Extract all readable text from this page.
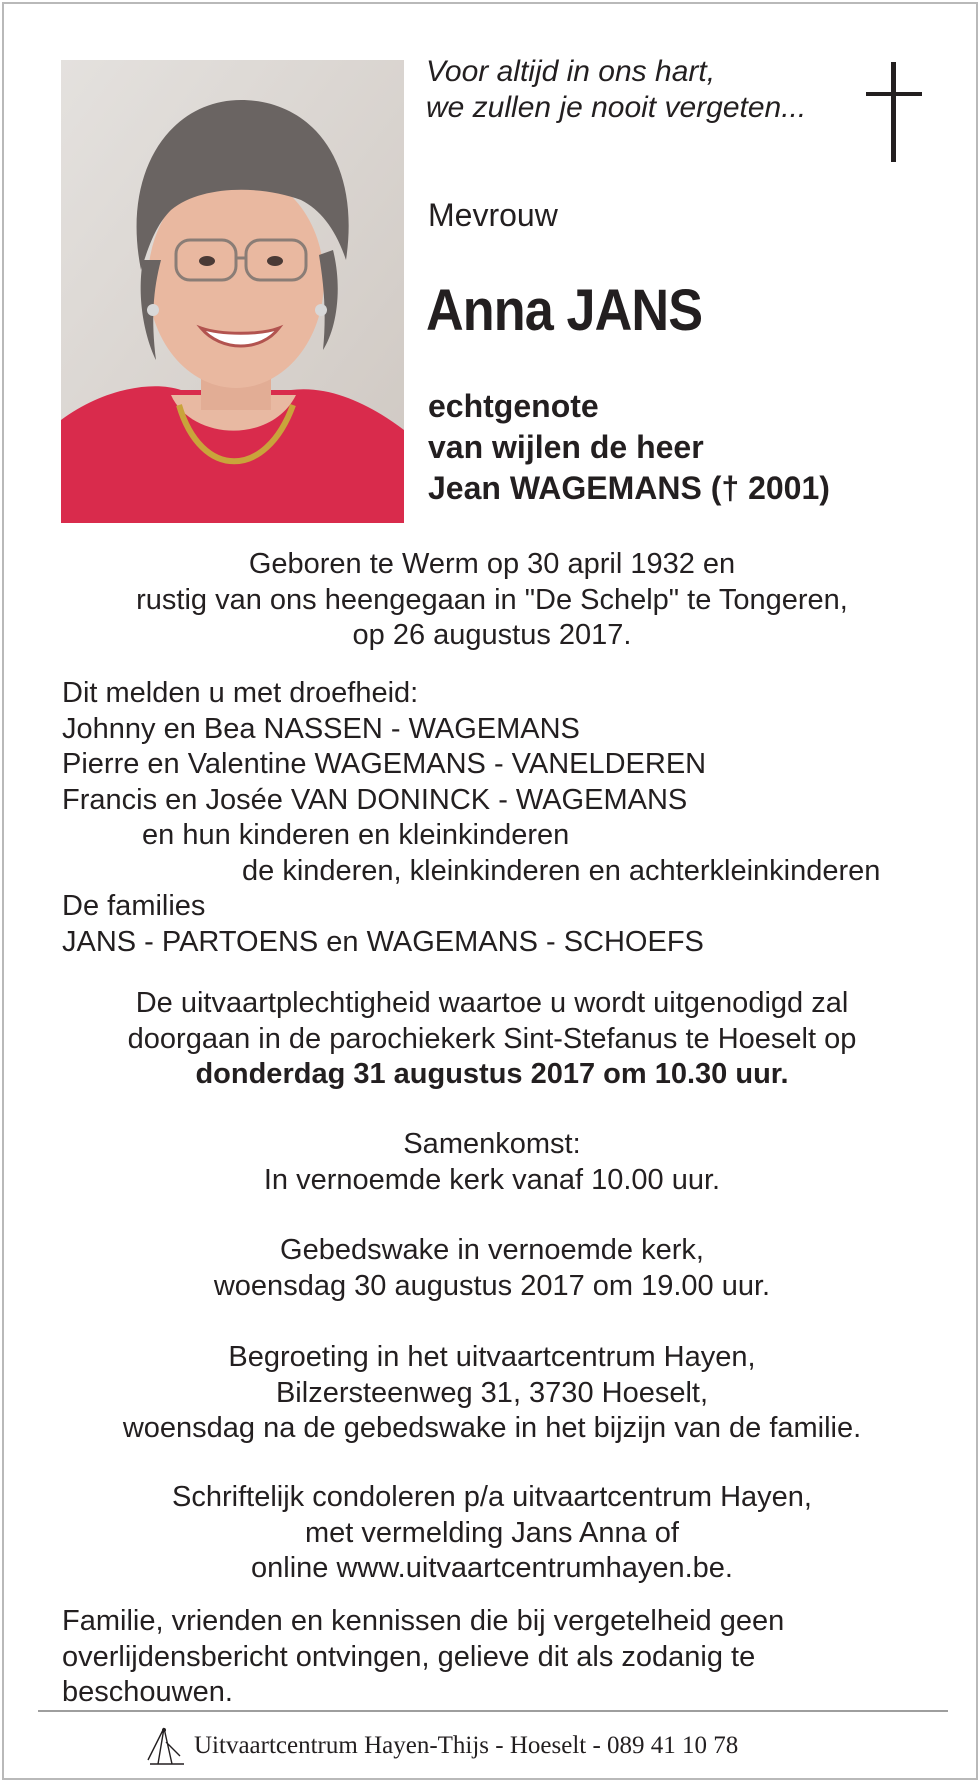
Voor altijd in ons hart,
we zullen je nooit vergeten...
Mevrouw
Anna JANS
echtgenote
van wijlen de heer
Jean WAGEMANS († 2001)

Geboren te Werm op 30 april 1932 en

rustig van ons heengegaan in "De Schelp" te Tongeren,

op 26 augustus 2017.

Dit melden u met droefheid:

Johnny en Bea NASSEN - WAGEMANS

Pierre en Valentine WAGEMANS - VANELDEREN

Francis en Josée VAN DONINCK - WAGEMANS

en hun kinderen en kleinkinderen

de kinderen, kleinkinderen en achterkleinkinderen

De families

JANS - PARTOENS en WAGEMANS - SCHOEFS

De uitvaartplechtigheid waartoe u wordt uitgenodigd zal

doorgaan in de parochiekerk Sint-Stefanus te Hoeselt op

donderdag 31 augustus 2017 om 10.30 uur.

Samenkomst:

In vernoemde kerk vanaf 10.00 uur.

Gebedswake in vernoemde kerk,

woensdag 30 augustus 2017 om 19.00 uur.

Begroeting in het uitvaartcentrum Hayen,

Bilzersteenweg 31, 3730 Hoeselt,

woensdag na de gebedswake in het bijzijn van de familie.

Schriftelijk condoleren p/a uitvaartcentrum Hayen,

met vermelding Jans Anna of

online www.uitvaartcentrumhayen.be.

Familie, vrienden en kennissen die bij vergetelheid geen

overlijdensbericht ontvingen, gelieve dit als zodanig te

beschouwen.

Uitvaartcentrum Hayen-Thijs - Hoeselt - 089 41 10 78
